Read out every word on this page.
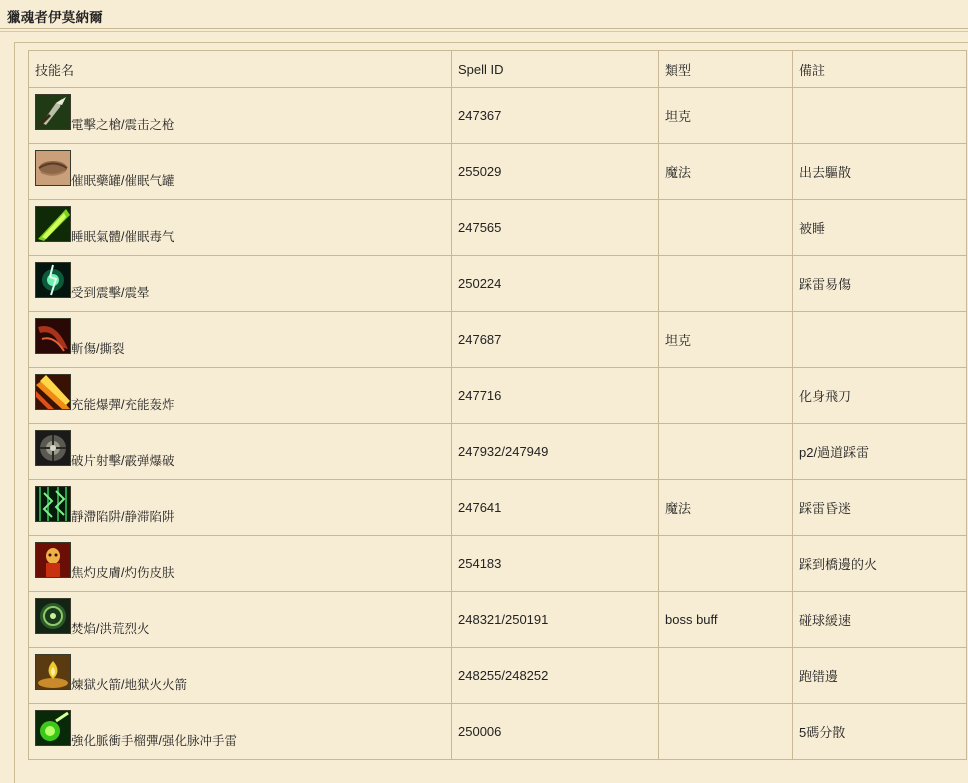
獵魂者伊莫納爾
技能名	Spell ID	類型	備註

電擊之槍/震击之枪	247367	坦克	

催眠藥罐/催眠气罐	255029	魔法	出去驅散

睡眠氣體/催眠毒气	247565		被睡

受到震擊/震晕	250224		踩雷易傷

斬傷/撕裂	247687	坦克	

充能爆彈/充能轰炸	247716		化身飛刀

破片射擊/霰弹爆破	247932/247949		p2/過道踩雷

靜滯陷阱/静滞陷阱	247641	魔法	踩雷昏迷

焦灼皮膚/灼伤皮肤	254183		踩到橋邊的火

焚焰/洪荒烈火	248321/250191	boss buff	碰球緩速

煉獄火箭/地狱火火箭	248255/248252		跑错邊

強化脈衝手榴彈/强化脉冲手雷	250006		5碼分散
